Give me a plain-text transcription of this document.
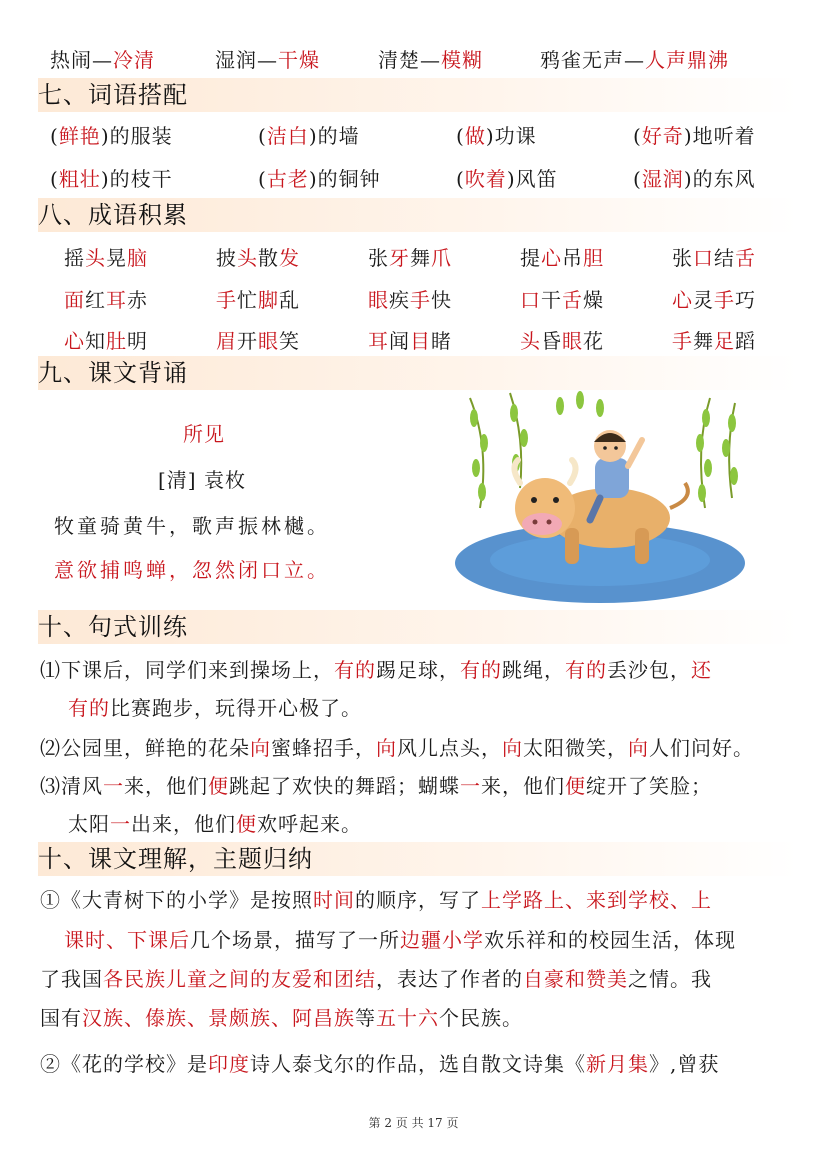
热闹—冷清	湿润—干燥	清楚—模糊	鸦雀无声—人声鼎沸
七、词语搭配
(鲜艳)的服装	(洁白)的墙	(做)功课	(好奇)地听着
(粗壮)的枝干	(古老)的铜钟	(吹着)风笛	(湿润)的东风
八、成语积累
摇头晃脑	披头散发	张牙舞爪	提心吊胆	张口结舌
面红耳赤	手忙脚乱	眼疾手快	口干舌燥	心灵手巧
心知肚明	眉开眼笑	耳闻目睹	头昏眼花	手舞足蹈
九、课文背诵
所见
[清] 袁枚
牧童骑黄牛，歌声振林樾。
意欲捕鸣蝉，忽然闭口立。
十、句式训练
⑴下课后，同学们来到操场上，有的踢足球，有的跳绳，有的丢沙包，还
有的比赛跑步，玩得开心极了。
⑵公园里，鲜艳的花朵向蜜蜂招手，向风儿点头，向太阳微笑，向人们问好。
⑶清风一来，他们便跳起了欢快的舞蹈；蝴蝶一来，他们便绽开了笑脸；
太阳一出来，他们便欢呼起来。
十、课文理解，主题归纳
①《大青树下的小学》是按照时间的顺序，写了上学路上、来到学校、上
课时、下课后几个场景，描写了一所边疆小学欢乐祥和的校园生活，体现
了我国各民族儿童之间的友爱和团结，表达了作者的自豪和赞美之情。我
国有汉族、傣族、景颇族、阿昌族等五十六个民族。
②《花的学校》是印度诗人泰戈尔的作品，选自散文诗集《新月集》,曾获
第 2 页 共 17 页
